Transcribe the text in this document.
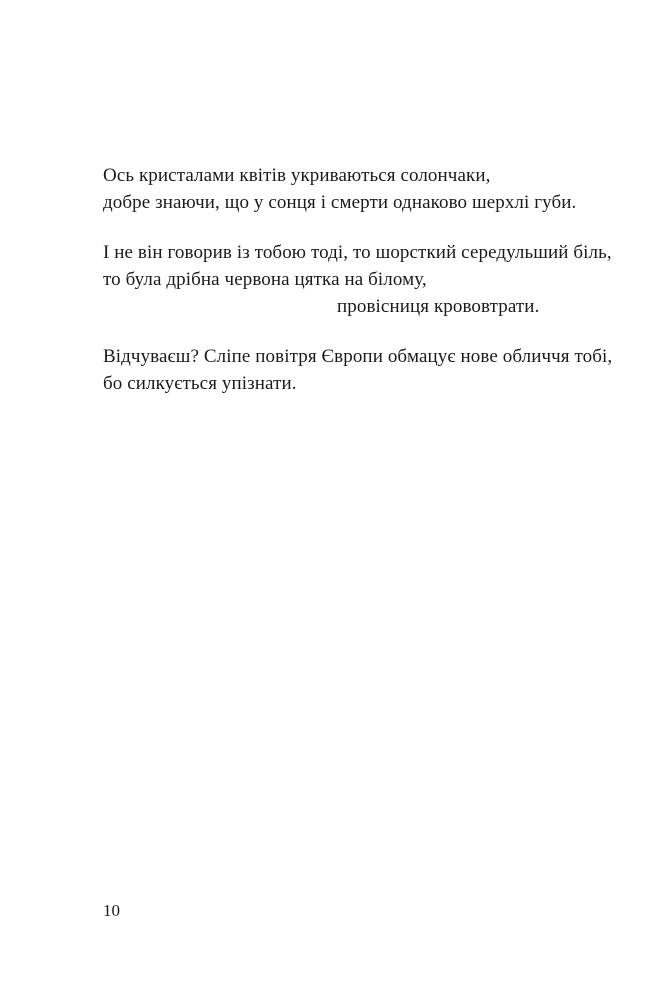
Ось кристалами квітів укриваються солончаки,
добре знаючи, що у сонця і смерти однаково шерхлі губи.

І не він говорив із тобою тоді, то шорсткий середульший біль,
то була дрібна червона цятка на білому,
провісниця крововтрати.

Відчуваєш? Сліпе повітря Європи обмацує нове обличчя тобі,
бо силкується упізнати.

10
